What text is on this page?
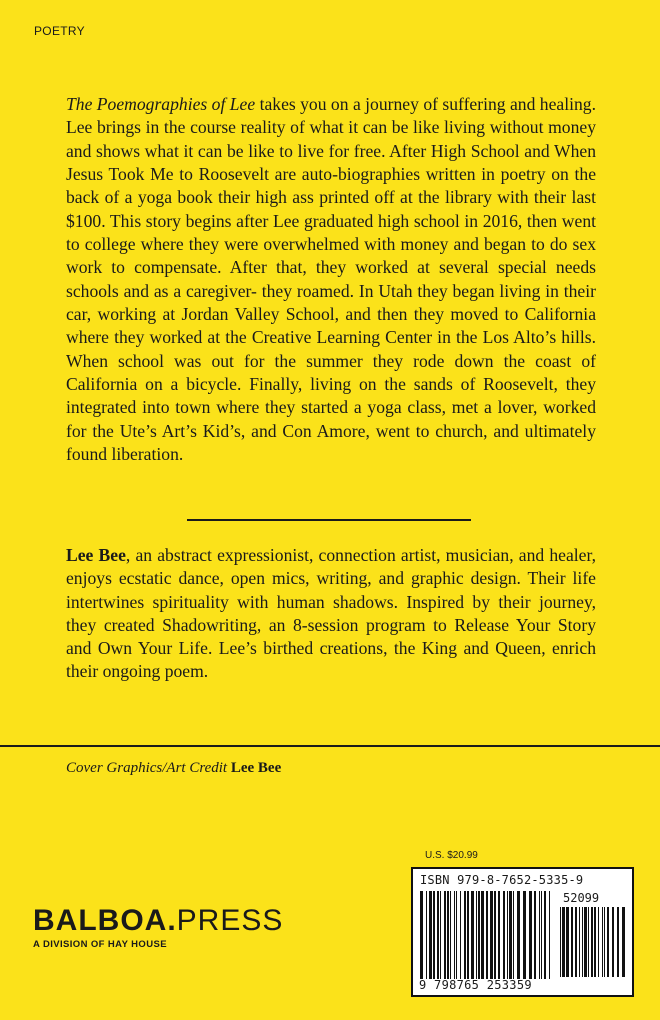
POETRY

The Poemographies of Lee takes you on a journey of suffering and healing. Lee brings in the course reality of what it can be like living without money and shows what it can be like to live for free. After High School and When Jesus Took Me to Roosevelt are auto-biographies written in poetry on the back of a yoga book their high ass printed off at the library with their last $100. This story begins after Lee graduated high school in 2016, then went to college where they were overwhelmed with money and began to do sex work to compensate. After that, they worked at several special needs schools and as a caregiver- they roamed. In Utah they began living in their car, working at Jordan Valley School, and then they moved to California where they worked at the Creative Learning Center in the Los Alto’s hills. When school was out for the summer they rode down the coast of California on a bicycle. Finally, living on the sands of Roosevelt, they integrated into town where they started a yoga class, met a lover, worked for the Ute’s Art’s Kid’s, and Con Amore, went to church, and ultimately found liberation.

Lee Bee, an abstract expressionist, connection artist, musician, and healer, enjoys ecstatic dance, open mics, writing, and graphic design. Their life intertwines spirituality with human shadows. Inspired by their journey, they created Shadowriting, an 8-session program to Release Your Story and Own Your Life. Lee’s birthed creations, the King and Queen, enrich their ongoing poem.

Cover Graphics/Art Credit Lee Bee
BALBOA . PRESS
A DIVISION OF HAY HOUSE
U.S. $20.99
ISBN 979-8-7652-5335-9
52099
9 798765 253359
